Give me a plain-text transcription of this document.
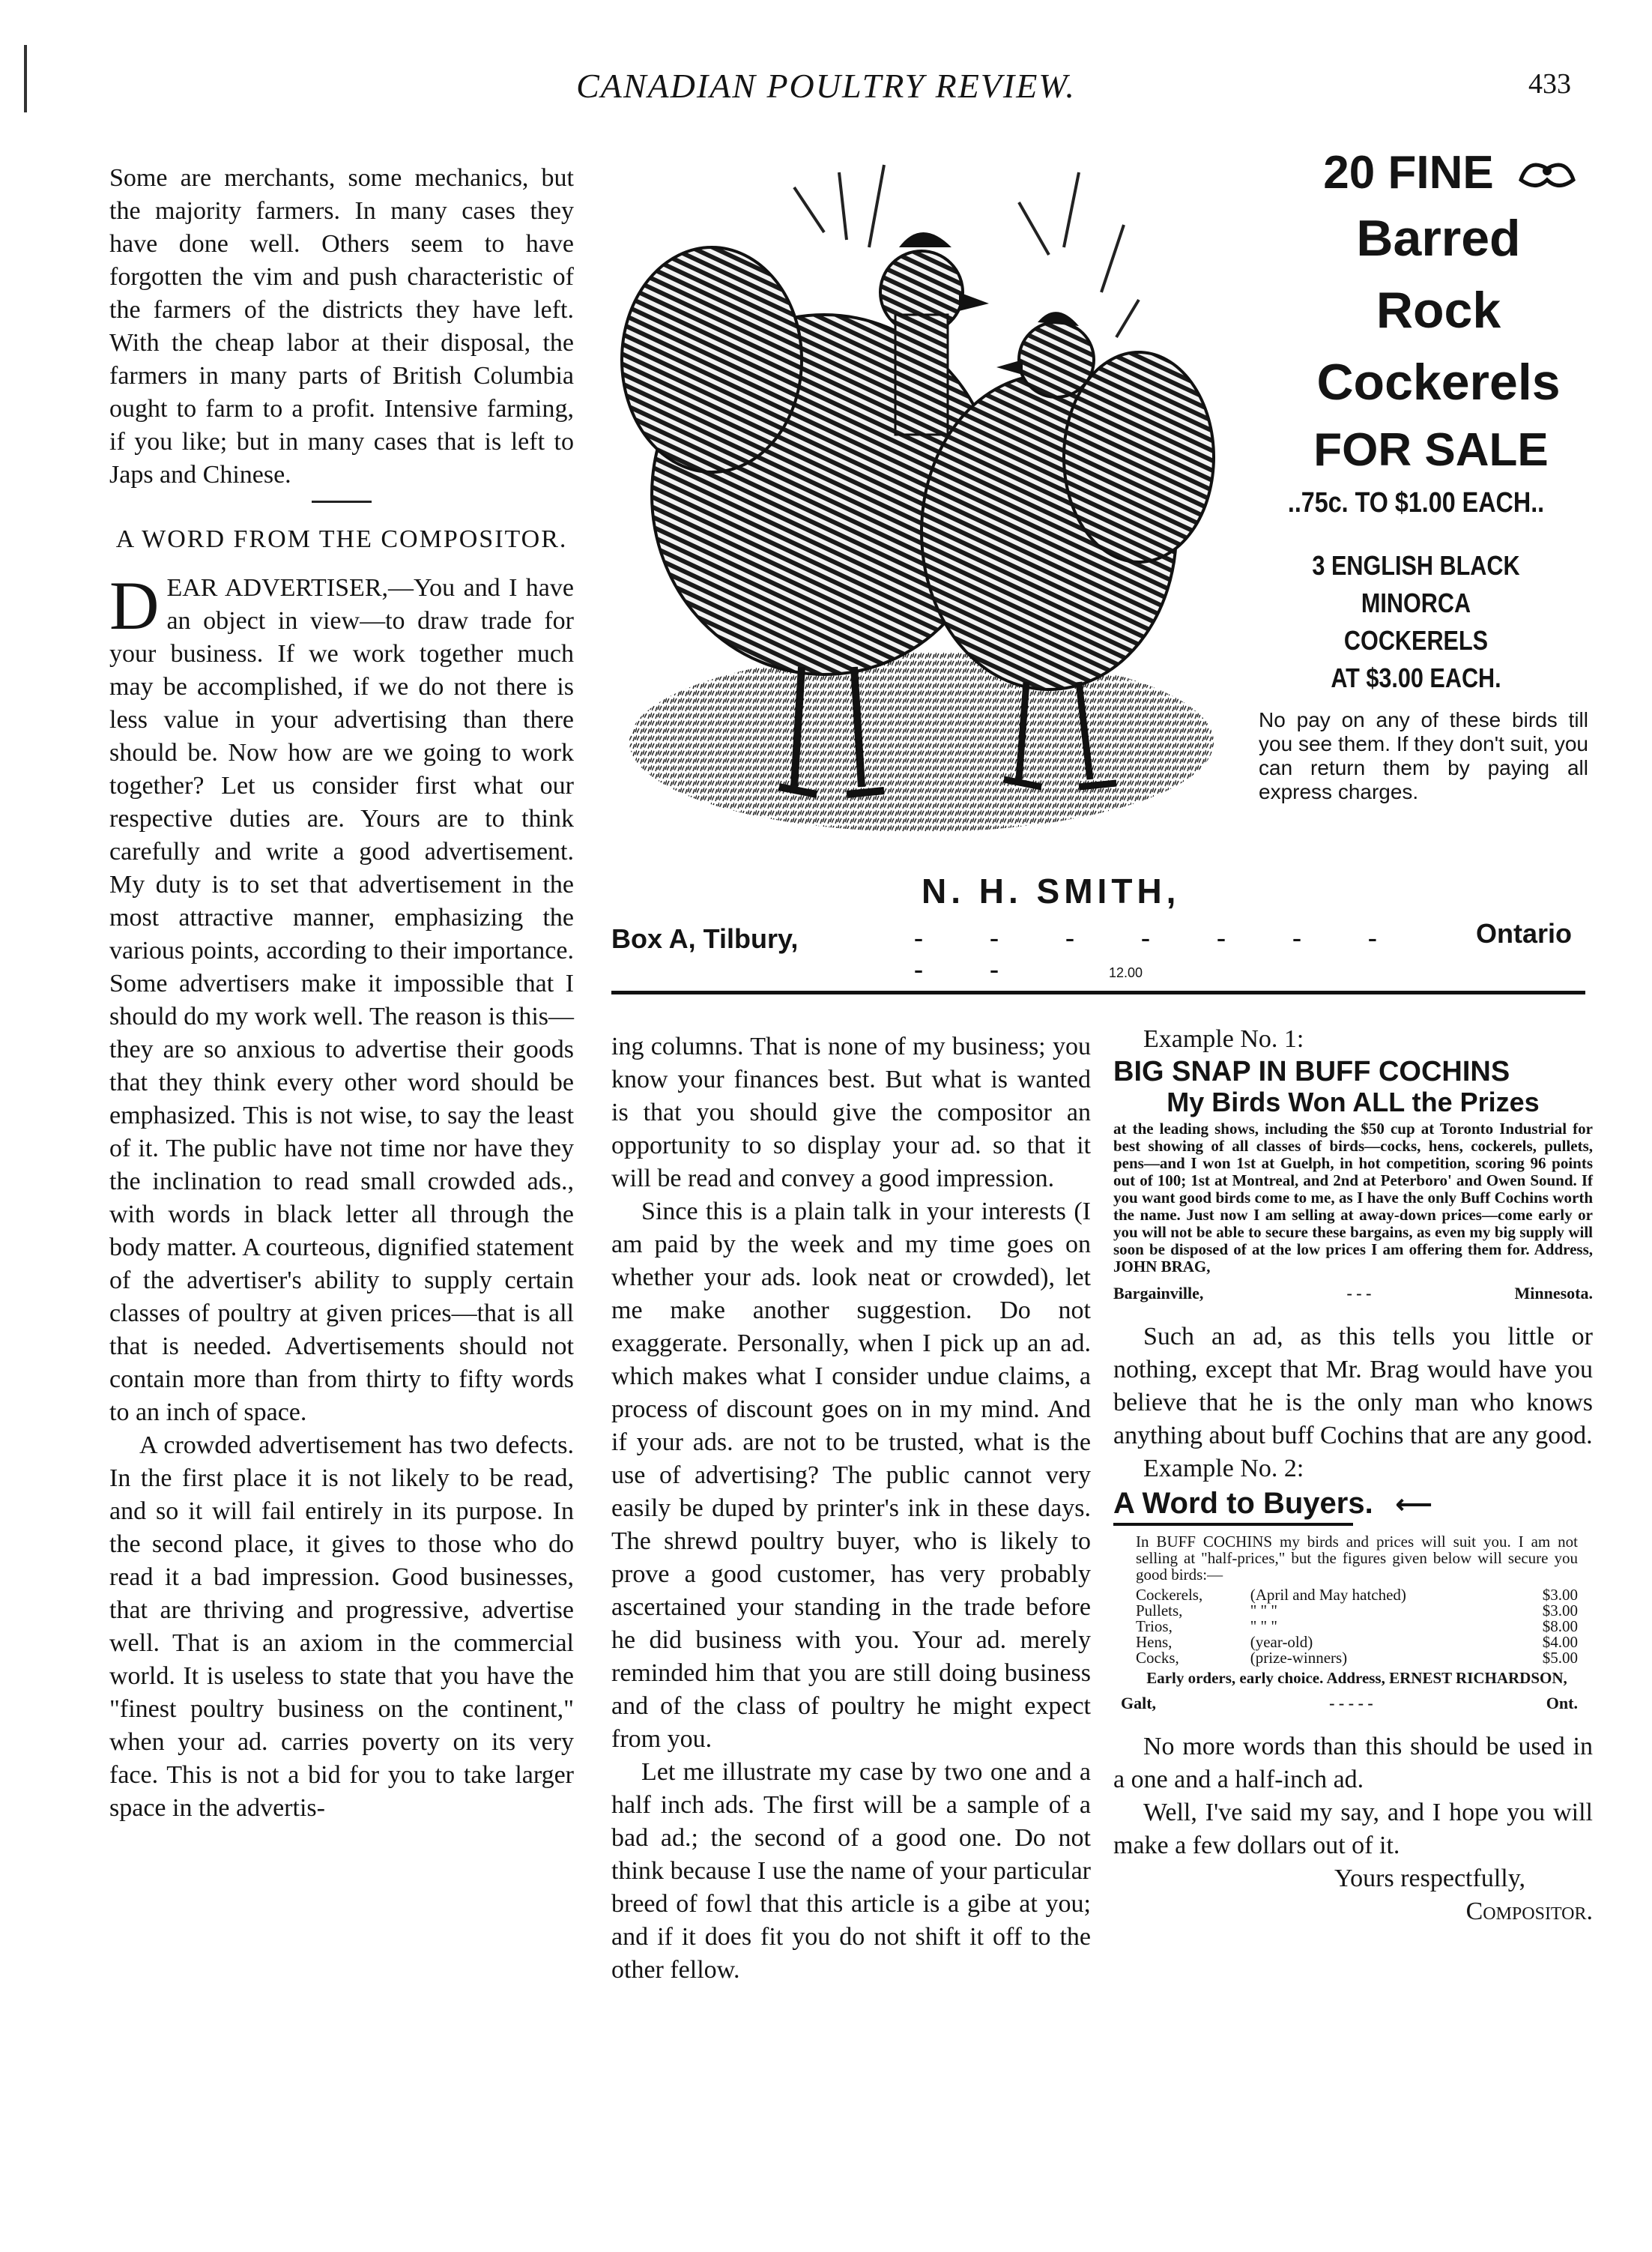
CANADIAN POULTRY REVIEW.	433

Some are merchants, some mechanics, but the majority farmers. In many cases they have done well. Others seem to have forgotten the vim and push characteristic of the farmers of the districts they have left. With the cheap labor at their disposal, the farmers in many parts of British Columbia ought to farm to a profit. Intensive farming, if you like; but in many cases that is left to Japs and Chinese.

A WORD FROM THE COMPOSITOR.

DEAR ADVERTISER,—You and I have an object in view—to draw trade for your business. If we work together much may be accomplished, if we do not there is less value in your advertising than there should be. Now how are we going to work together? Let us consider first what our respective duties are. Yours are to think carefully and write a good advertisement. My duty is to set that advertisement in the most attractive manner, emphasizing the various points, according to their importance. Some advertisers make it impossible that I should do my work well. The reason is this—they are so anxious to advertise their goods that they think every other word should be emphasized. This is not wise, to say the least of it. The public have not time nor have they the inclination to read small crowded ads., with words in black letter all through the body matter. A courteous, dignified statement of the advertiser's ability to supply certain classes of poultry at given prices—that is all that is needed. Advertisements should not contain more than from thirty to fifty words to an inch of space.

A crowded advertisement has two defects. In the first place it is not likely to be read, and so it will fail entirely in its purpose. In the second place, it gives to those who do read it a bad impression. Good businesses, that are thriving and progressive, advertise well. That is an axiom in the commercial world. It is useless to state that you have the "finest poultry business on the continent," when your ad. carries poverty on its very face. This is not a bid for you to take larger space in the advertis-

20 FINE
Barred
Rock
Cockerels
FOR SALE
..75c. TO $1.00 EACH..
3 ENGLISH BLACK MINORCA
COCKERELS
AT $3.00 EACH.
No pay on any of these birds till you see them. If they don't suit, you can return them by paying all express charges.
N. H. SMITH,
Box A, Tilbury,	- - - - - - - - -
Ontario
12.00

ing columns. That is none of my business; you know your finances best. But what is wanted is that you should give the compositor an opportunity to so display your ad. so that it will be read and convey a good impression.

Since this is a plain talk in your interests (I am paid by the week and my time goes on whether your ads. look neat or crowded), let me make another suggestion. Do not exaggerate. Personally, when I pick up an ad. which makes what I consider undue claims, a process of discount goes on in my mind. And if your ads. are not to be trusted, what is the use of advertising? The public cannot very easily be duped by printer's ink in these days. The shrewd poultry buyer, who is likely to prove a good customer, has very probably ascertained your standing in the trade before he did business with you. Your ad. merely reminded him that you are still doing business and of the class of poultry he might expect from you.

Let me illustrate my case by two one and a half inch ads. The first will be a sample of a bad ad.; the second of a good one. Do not think because I use the name of your particular breed of fowl that this article is a gibe at you; and if it does fit you do not shift it off to the other fellow.

Example No. 1:
BIG SNAP IN BUFF COCHINS
My Birds Won ALL the Prizes
at the leading shows, including the $50 cup at Toronto Industrial for best showing of all classes of birds—cocks, hens, cockerels, pullets, pens—and I won 1st at Guelph, in hot competition, scoring 96 points out of 100; 1st at Montreal, and 2nd at Peterboro' and Owen Sound. If you want good birds come to me, as I have the only Buff Cochins worth the name. Just now I am selling at away-down prices—come early or you will not be able to secure these bargains, as even my big supply will soon be disposed of at the low prices I am offering them for. Address, JOHN BRAG,
Bargainville,	- - -	Minnesota.

Such an ad, as this tells you little or nothing, except that Mr. Brag would have you believe that he is the only man who knows anything about buff Cochins that are any good.

Example No. 2:
A Word to Buyers. ⟵
In BUFF COCHINS my birds and prices will suit you. I am not selling at "half-prices," but the figures given below will secure you good birds:—
Cockerels,	(April and May hatched)	$3.00
Pullets,	" " "	$3.00
Trios,	" " "	$8.00
Hens,	(year-old)	$4.00
Cocks,	(prize-winners)	$5.00
Early orders, early choice. Address, ERNEST RICHARDSON,
Galt,	- - - - -	Ont.

No more words than this should be used in a one and a half-inch ad.

Well, I've said my say, and I hope you will make a few dollars out of it.

Yours respectfully,
Compositor.
